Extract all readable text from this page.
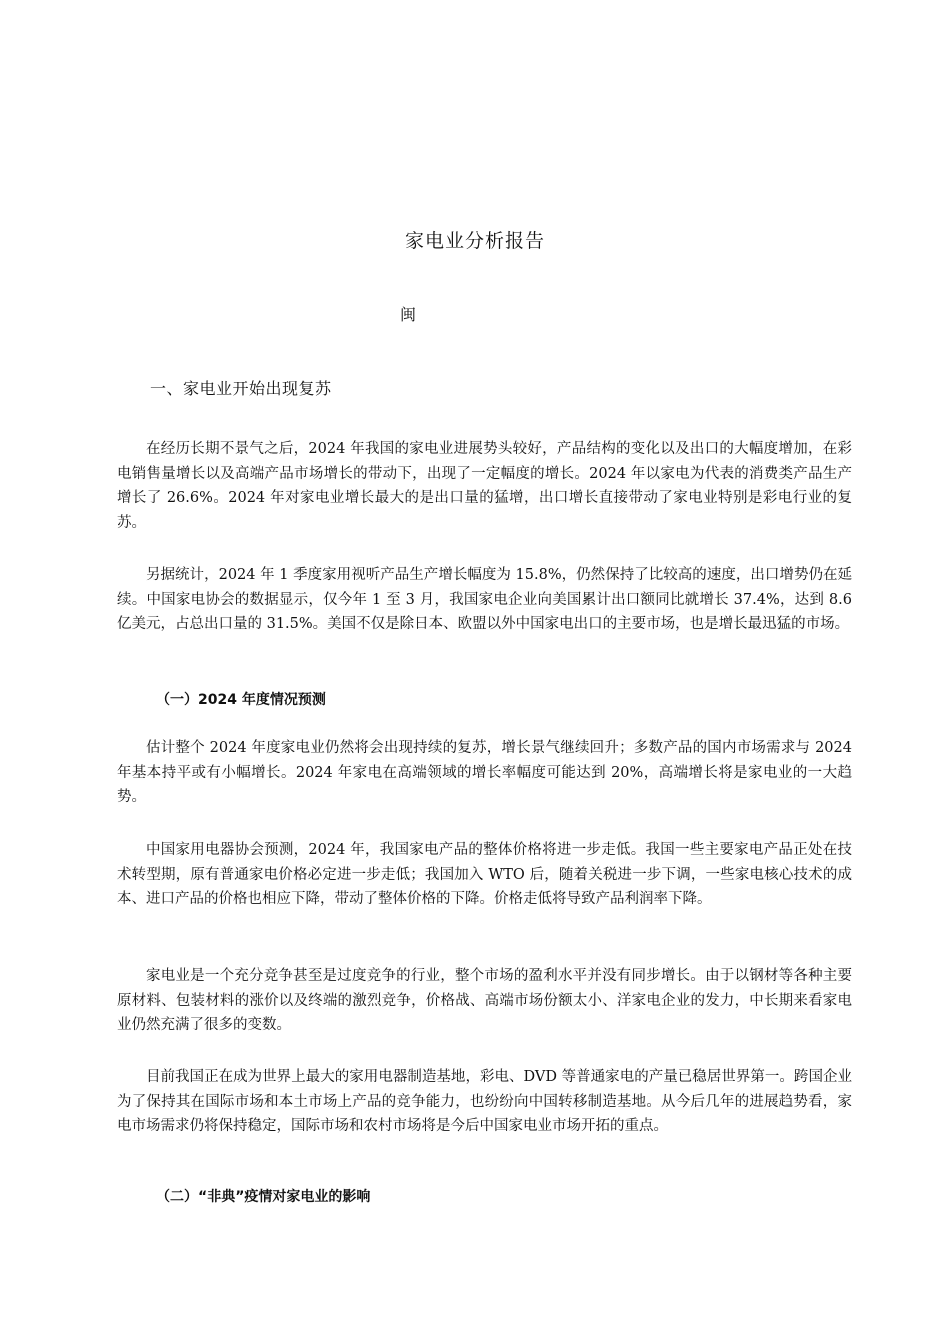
家电业分析报告
闽
一、家电业开始出现复苏

在经历长期不景气之后，2024 年我国的家电业进展势头较好，产品结构的变化以及出口的大幅度增加，在彩电销售量增长以及高端产品市场增长的带动下，出现了一定幅度的增长。2024 年以家电为代表的消费类产品生产增长了 26.6%。2024 年对家电业增长最大的是出口量的猛增，出口增长直接带动了家电业特别是彩电行业的复苏。

另据统计，2024 年 1 季度家用视听产品生产增长幅度为 15.8%，仍然保持了比较高的速度，出口增势仍在延续。中国家电协会的数据显示，仅今年 1 至 3 月，我国家电企业向美国累计出口额同比就增长 37.4%，达到 8.6 亿美元，占总出口量的 31.5%。美国不仅是除日本、欧盟以外中国家电出口的主要市场，也是增长最迅猛的市场。

（一）2024 年度情况预测

估计整个 2024 年度家电业仍然将会出现持续的复苏，增长景气继续回升；多数产品的国内市场需求与 2024 年基本持平或有小幅增长。2024 年家电在高端领域的增长率幅度可能达到 20%，高端增长将是家电业的一大趋势。

中国家用电器协会预测，2024 年，我国家电产品的整体价格将进一步走低。我国一些主要家电产品正处在技术转型期，原有普通家电价格必定进一步走低；我国加入 WTO 后，随着关税进一步下调，一些家电核心技术的成本、进口产品的价格也相应下降，带动了整体价格的下降。价格走低将导致产品利润率下降。

家电业是一个充分竞争甚至是过度竞争的行业，整个市场的盈利水平并没有同步增长。由于以钢材等各种主要原材料、包装材料的涨价以及终端的激烈竞争，价格战、高端市场份额太小、洋家电企业的发力，中长期来看家电业仍然充满了很多的变数。

目前我国正在成为世界上最大的家用电器制造基地，彩电、DVD 等普通家电的产量已稳居世界第一。跨国企业为了保持其在国际市场和本土市场上产品的竞争能力，也纷纷向中国转移制造基地。从今后几年的进展趋势看，家电市场需求仍将保持稳定，国际市场和农村市场将是今后中国家电业市场开拓的重点。

（二）“非典”疫情对家电业的影响
